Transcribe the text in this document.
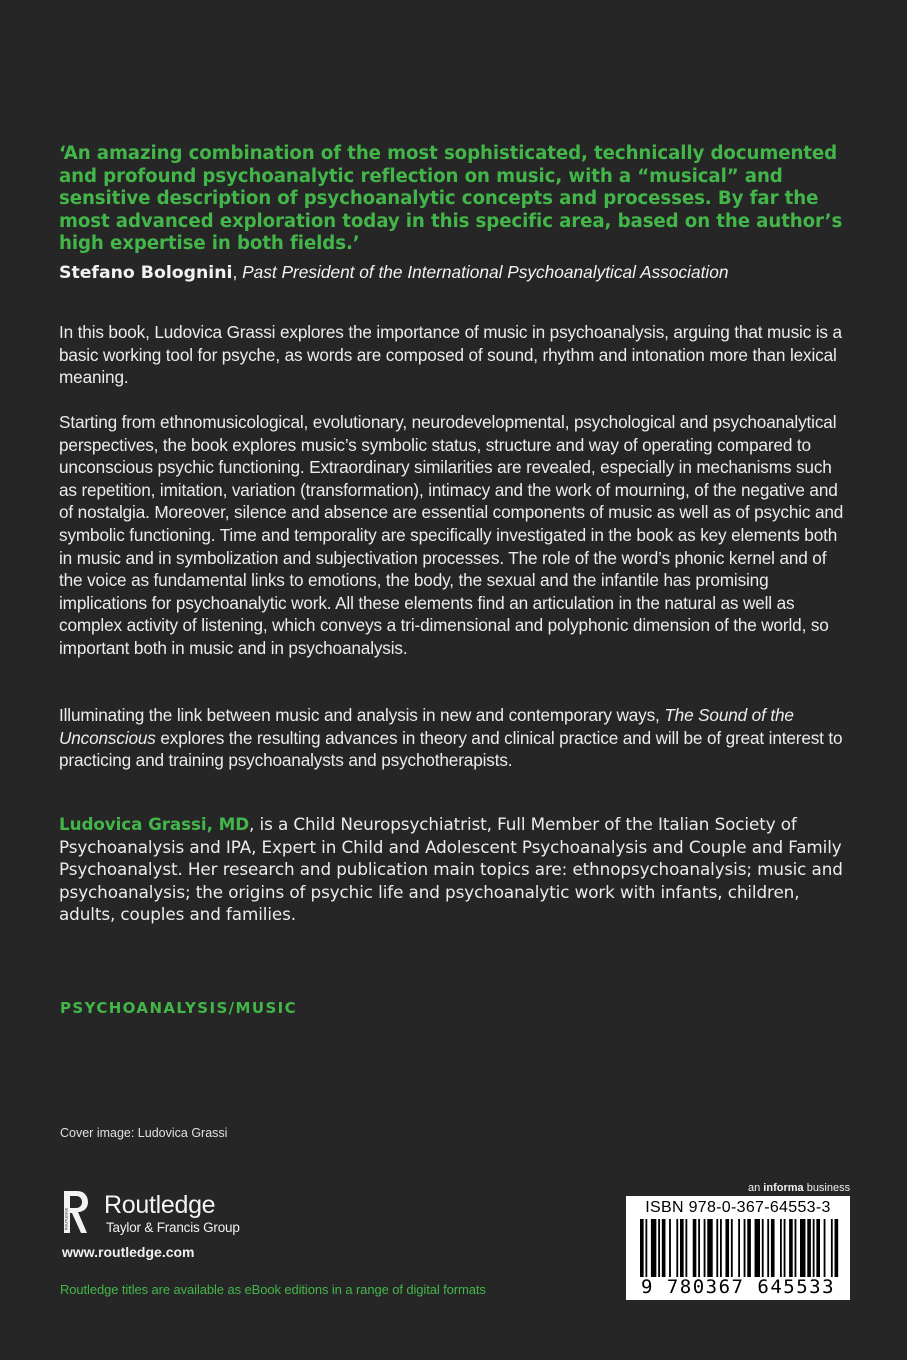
‘An amazing combination of the most sophisticated, technically documented and profound psychoanalytic reflection on music, with a “musical” and sensitive description of psychoanalytic concepts and processes. By far the most advanced exploration today in this specific area, based on the author’s high expertise in both fields.’
Stefano Bolognini, Past President of the International Psychoanalytical Association
In this book, Ludovica Grassi explores the importance of music in psychoanalysis, arguing that music is a basic working tool for psyche, as words are composed of sound, rhythm and intonation more than lexical meaning.
Starting from ethnomusicological, evolutionary, neurodevelopmental, psychological and psychoanalytical perspectives, the book explores music’s symbolic status, structure and way of operating compared to unconscious psychic functioning. Extraordinary similarities are revealed, especially in mechanisms such as repetition, imitation, variation (transformation), intimacy and the work of mourning, of the negative and of nostalgia. Moreover, silence and absence are essential components of music as well as of psychic and symbolic functioning. Time and temporality are specifically investigated in the book as key elements both in music and in symbolization and subjectivation processes. The role of the word’s phonic kernel and of the voice as fundamental links to emotions, the body, the sexual and the infantile has promising implications for psychoanalytic work. All these elements find an articulation in the natural as well as complex activity of listening, which conveys a tri-dimensional and polyphonic dimension of the world, so important both in music and in psychoanalysis.
Illuminating the link between music and analysis in new and contemporary ways, The Sound of the Unconscious explores the resulting advances in theory and clinical practice and will be of great interest to practicing and training psychoanalysts and psychotherapists.
Ludovica Grassi, MD, is a Child Neuropsychiatrist, Full Member of the Italian Society of Psychoanalysis and IPA, Expert in Child and Adolescent Psychoanalysis and Couple and Family Psychoanalyst. Her research and publication main topics are: ethnopsychoanalysis; music and psychoanalysis; the origins of psychic life and psychoanalytic work with infants, children, adults, couples and families.
PSYCHOANALYSIS/MUSIC
Cover image: Ludovica Grassi
ROUTLEDGE Routledge
Taylor & Francis Group
www.routledge.com
Routledge titles are available as eBook editions in a range of digital formats
an informa business
ISBN 978-0-367-64553-3
9 780367 645533
